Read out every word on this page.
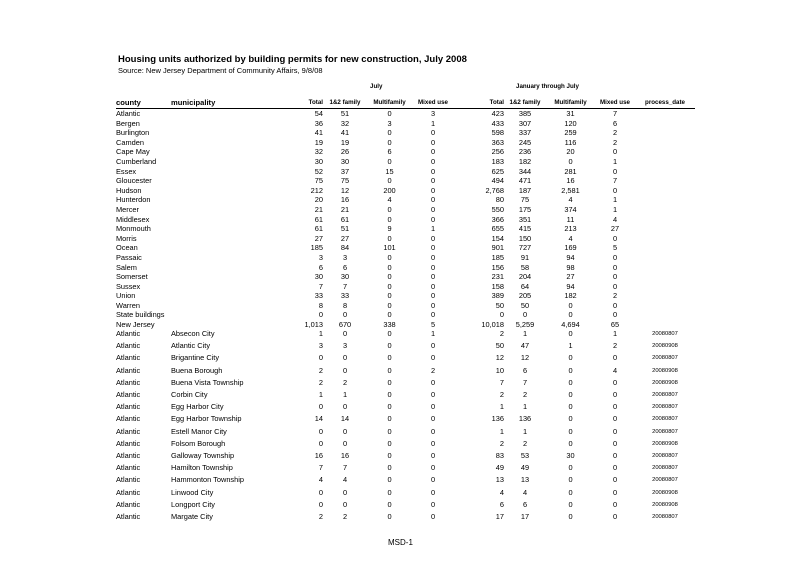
Housing units authorized by building permits for new construction, July 2008
Source: New Jersey Department of Community Affairs, 9/8/08
July	January through July
county	municipality	Total	1&2 family	Multifamily	Mixed use	Total	1&2 family	Multifamily	Mixed use	process_date
Atlantic		54	51	0	3	423	385	31	7	
Bergen		36	32	3	1	433	307	120	6	
Burlington		41	41	0	0	598	337	259	2	
Camden		19	19	0	0	363	245	116	2	
Cape May		32	26	6	0	256	236	20	0	
Cumberland		30	30	0	0	183	182	0	1	
Essex		52	37	15	0	625	344	281	0	
Gloucester		75	75	0	0	494	471	16	7	
Hudson		212	12	200	0	2,768	187	2,581	0	
Hunterdon		20	16	4	0	80	75	4	1	
Mercer		21	21	0	0	550	175	374	1	
Middlesex		61	61	0	0	366	351	11	4	
Monmouth		61	51	9	1	655	415	213	27	
Morris		27	27	0	0	154	150	4	0	
Ocean		185	84	101	0	901	727	169	5	
Passaic		3	3	0	0	185	91	94	0	
Salem		6	6	0	0	156	58	98	0	
Somerset		30	30	0	0	231	204	27	0	
Sussex		7	7	0	0	158	64	94	0	
Union		33	33	0	0	389	205	182	2	
Warren		8	8	0	0	50	50	0	0	
State buildings		0	0	0	0	0	0	0	0	
New Jersey		1,013	670	338	5	10,018	5,259	4,694	65	
Atlantic	Absecon City	1	0	0	1	2	1	0	1	20080807
Atlantic	Atlantic City	3	3	0	0	50	47	1	2	20080908
Atlantic	Brigantine City	0	0	0	0	12	12	0	0	20080807
Atlantic	Buena Borough	2	0	0	2	10	6	0	4	20080908
Atlantic	Buena Vista Township	2	2	0	0	7	7	0	0	20080908
Atlantic	Corbin City	1	1	0	0	2	2	0	0	20080807
Atlantic	Egg Harbor City	0	0	0	0	1	1	0	0	20080807
Atlantic	Egg Harbor Township	14	14	0	0	136	136	0	0	20080807
Atlantic	Estell Manor City	0	0	0	0	1	1	0	0	20080807
Atlantic	Folsom Borough	0	0	0	0	2	2	0	0	20080908
Atlantic	Galloway Township	16	16	0	0	83	53	30	0	20080807
Atlantic	Hamilton Township	7	7	0	0	49	49	0	0	20080807
Atlantic	Hammonton Township	4	4	0	0	13	13	0	0	20080807
Atlantic	Linwood City	0	0	0	0	4	4	0	0	20080908
Atlantic	Longport City	0	0	0	0	6	6	0	0	20080908
Atlantic	Margate City	2	2	0	0	17	17	0	0	20080807
MSD-1
